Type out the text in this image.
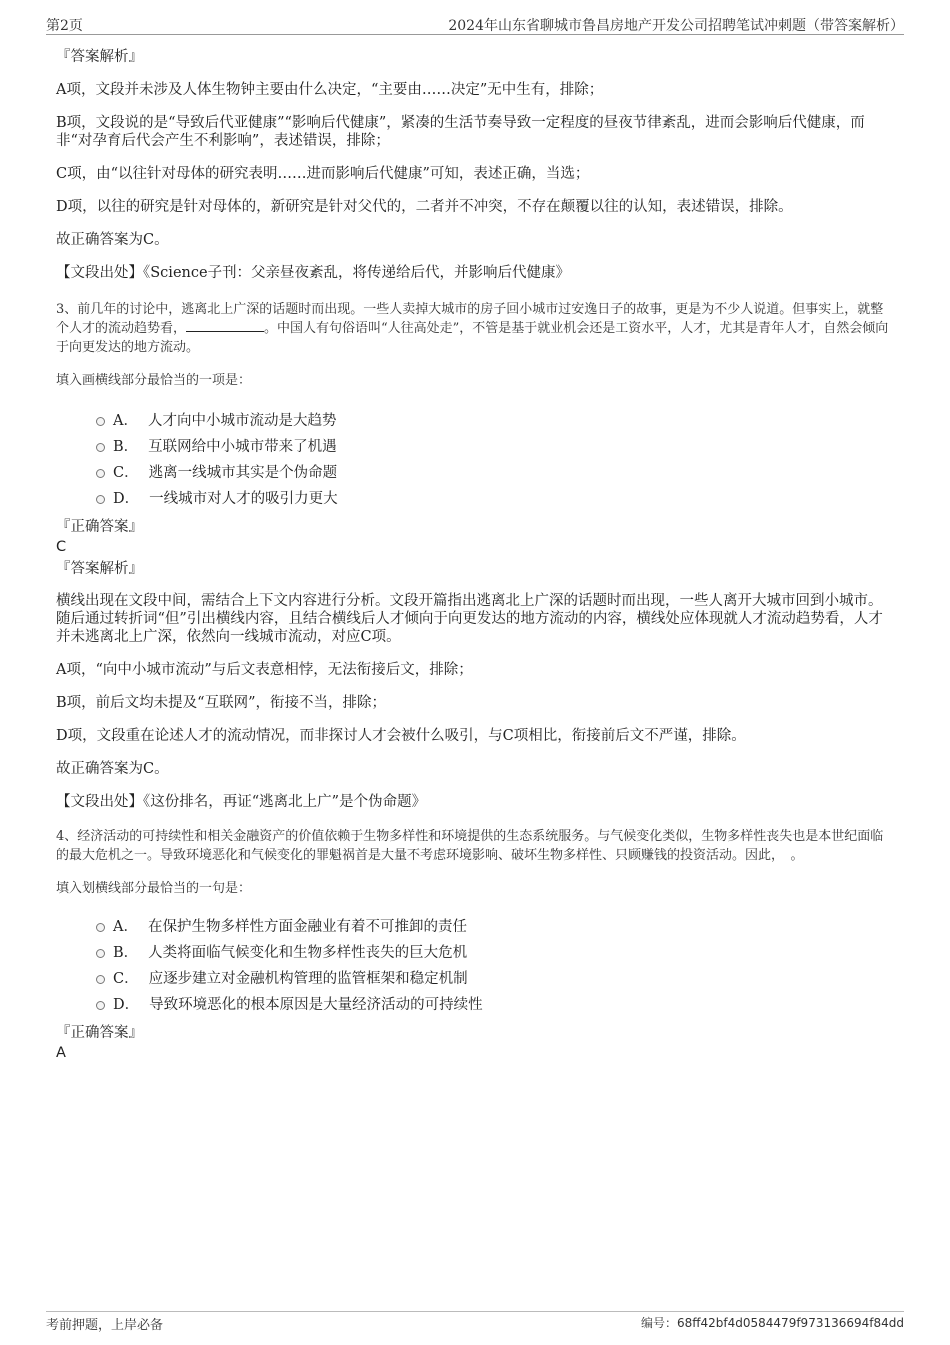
第2页	2024年山东省聊城市鲁昌房地产开发公司招聘笔试冲刺题（带答案解析）

『答案解析』

A项，文段并未涉及人体生物钟主要由什么决定，“主要由……决定”无中生有，排除；

B项，文段说的是“导致后代亚健康”“影响后代健康”，紧凑的生活节奏导致一定程度的昼夜节律紊乱，进而会影响后代健康，而非“对孕育后代会产生不利影响”，表述错误，排除；

C项，由“以往针对母体的研究表明……进而影响后代健康”可知，表述正确，当选；

D项，以往的研究是针对母体的，新研究是针对父代的，二者并不冲突，不存在颠覆以往的认知，表述错误，排除。

故正确答案为C。

【文段出处】《Science子刊：父亲昼夜紊乱，将传递给后代，并影响后代健康》

3、前几年的讨论中，逃离北上广深的话题时而出现。一些人卖掉大城市的房子回小城市过安逸日子的故事，更是为不少人说道。但事实上，就整个人才的流动趋势看，	。中国人有句俗语叫“人往高处走”，不管是基于就业机会还是工资水平，人才，尤其是青年人才，自然会倾向于向更发达的地方流动。

填入画横线部分最恰当的一项是：

A． 人才向中小城市流动是大趋势
B． 互联网给中小城市带来了机遇
C． 逃离一线城市其实是个伪命题
D． 一线城市对人才的吸引力更大

『正确答案』

C

『答案解析』

横线出现在文段中间，需结合上下文内容进行分析。文段开篇指出逃离北上广深的话题时而出现，一些人离开大城市回到小城市。随后通过转折词“但”引出横线内容，且结合横线后人才倾向于向更发达的地方流动的内容，横线处应体现就人才流动趋势看，人才并未逃离北上广深，依然向一线城市流动，对应C项。

A项，“向中小城市流动”与后文表意相悖，无法衔接后文，排除；

B项，前后文均未提及“互联网”，衔接不当，排除；

D项，文段重在论述人才的流动情况，而非探讨人才会被什么吸引，与C项相比，衔接前后文不严谨，排除。

故正确答案为C。

【文段出处】《这份排名，再证“逃离北上广”是个伪命题》

4、经济活动的可持续性和相关金融资产的价值依赖于生物多样性和环境提供的生态系统服务。与气候变化类似，生物多样性丧失也是本世纪面临的最大危机之一。导致环境恶化和气候变化的罪魁祸首是大量不考虑环境影响、破坏生物多样性、只顾赚钱的投资活动。因此，　。

填入划横线部分最恰当的一句是：

A． 在保护生物多样性方面金融业有着不可推卸的责任
B． 人类将面临气候变化和生物多样性丧失的巨大危机
C． 应逐步建立对金融机构管理的监管框架和稳定机制
D． 导致环境恶化的根本原因是大量经济活动的可持续性

『正确答案』

A

考前押题，上岸必备	编号：68ff42bf4d0584479f973136694f84dd
